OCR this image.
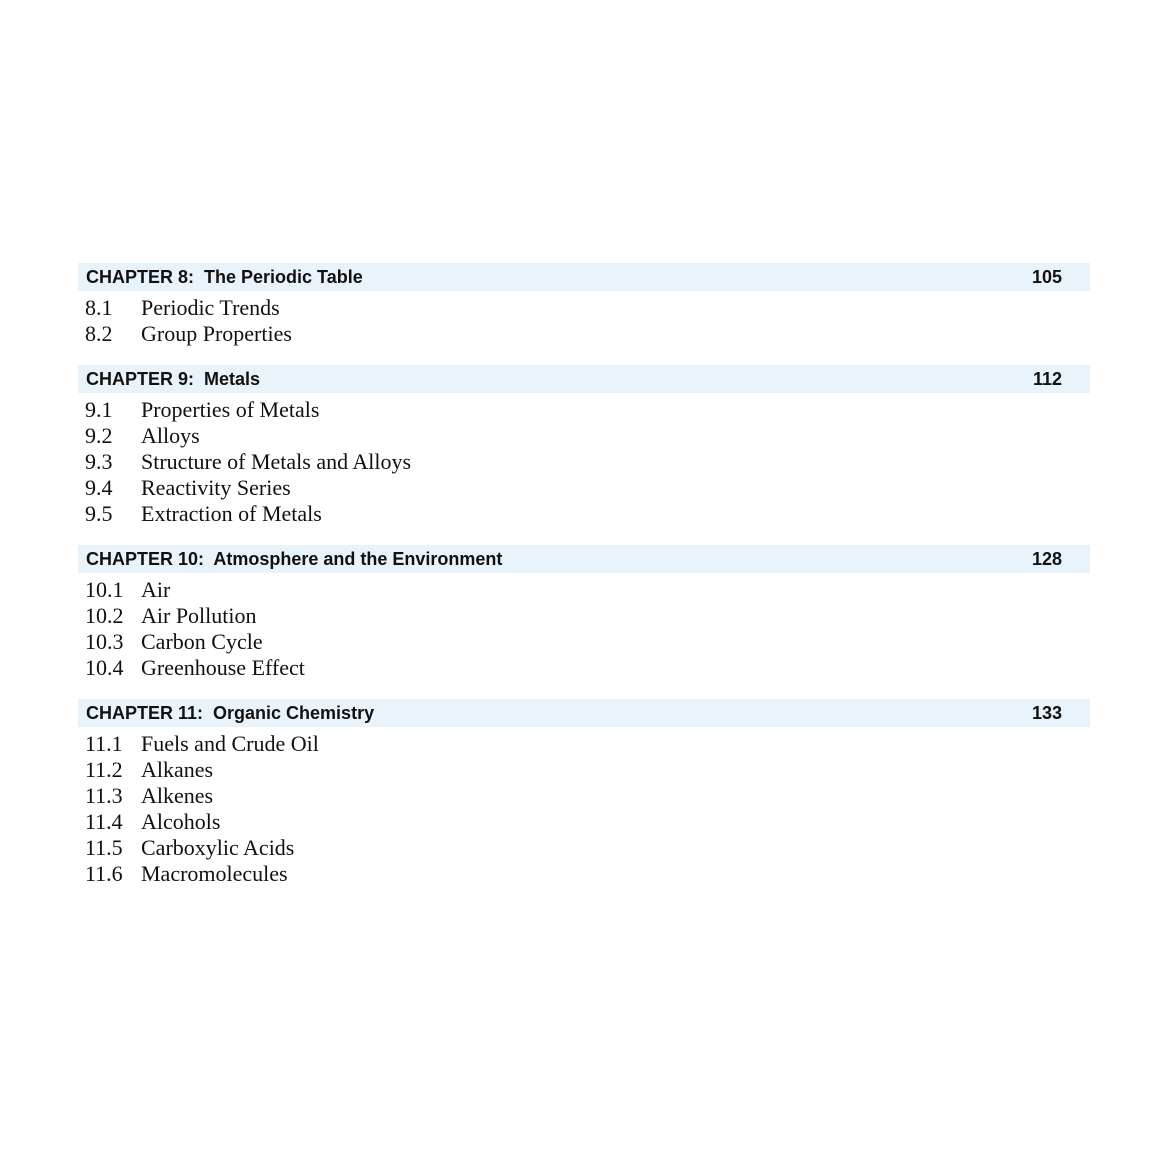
CHAPTER 8:  The Periodic Table	105
8.1	Periodic Trends
8.2	Group Properties
CHAPTER 9:  Metals	112
9.1	Properties of Metals
9.2	Alloys
9.3	Structure of Metals and Alloys
9.4	Reactivity Series
9.5	Extraction of Metals
CHAPTER 10:  Atmosphere and the Environment	128
10.1 Air
10.2 Air Pollution
10.3 Carbon Cycle
10.4 Greenhouse Effect
CHAPTER 11:  Organic Chemistry	133
11.1 Fuels and Crude Oil
11.2 Alkanes
11.3 Alkenes
11.4 Alcohols
11.5 Carboxylic Acids
11.6 Macromolecules
